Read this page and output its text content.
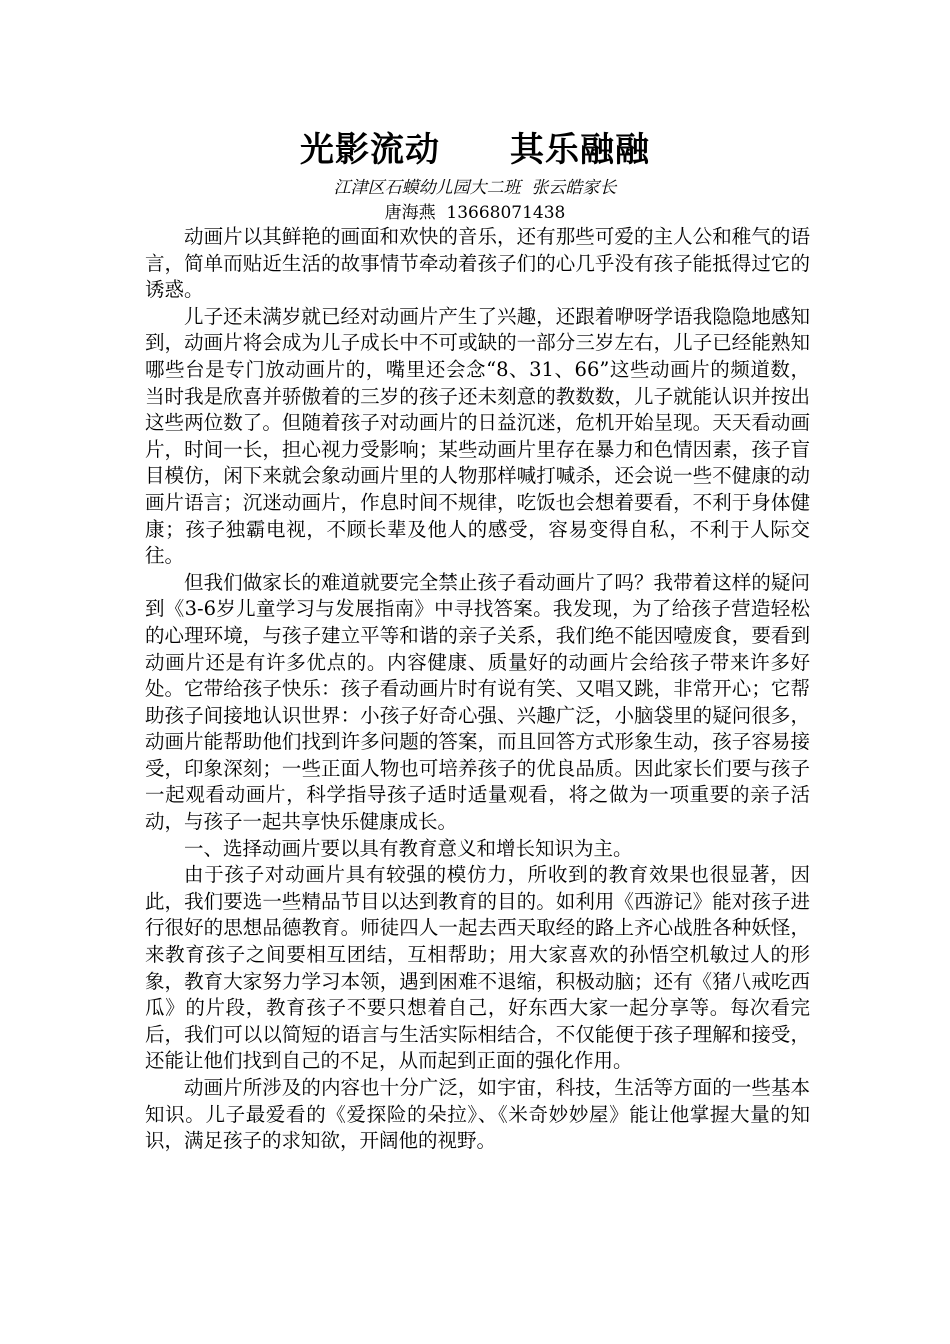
光影流动　　其乐融融
江津区石蟆幼儿园大二班  张云皓家长
唐海燕  13668071438

动画片以其鲜艳的画面和欢快的音乐，还有那些可爱的主人公和稚气的语言，简单而贴近生活的故事情节牵动着孩子们的心几乎没有孩子能抵得过它的诱惑。

儿子还未满岁就已经对动画片产生了兴趣，还跟着咿呀学语我隐隐地感知到，动画片将会成为儿子成长中不可或缺的一部分三岁左右，儿子已经能熟知哪些台是专门放动画片的，嘴里还会念“8、31、66”这些动画片的频道数，当时我是欣喜并骄傲着的三岁的孩子还未刻意的教数数，儿子就能认识并按出这些两位数了。但随着孩子对动画片的日益沉迷，危机开始呈现。天天看动画片，时间一长，担心视力受影响；某些动画片里存在暴力和色情因素，孩子盲目模仿，闲下来就会象动画片里的人物那样喊打喊杀，还会说一些不健康的动画片语言；沉迷动画片，作息时间不规律，吃饭也会想着要看，不利于身体健康；孩子独霸电视，不顾长辈及他人的感受，容易变得自私，不利于人际交往。

但我们做家长的难道就要完全禁止孩子看动画片了吗？我带着这样的疑问到《3-6岁儿童学习与发展指南》中寻找答案。我发现，为了给孩子营造轻松的心理环境，与孩子建立平等和谐的亲子关系，我们绝不能因噎废食，要看到动画片还是有许多优点的。内容健康、质量好的动画片会给孩子带来许多好处。它带给孩子快乐：孩子看动画片时有说有笑、又唱又跳，非常开心；它帮助孩子间接地认识世界：小孩子好奇心强、兴趣广泛，小脑袋里的疑问很多，动画片能帮助他们找到许多问题的答案，而且回答方式形象生动，孩子容易接受，印象深刻；一些正面人物也可培养孩子的优良品质。因此家长们要与孩子一起观看动画片，科学指导孩子适时适量观看，将之做为一项重要的亲子活动，与孩子一起共享快乐健康成长。

一、选择动画片要以具有教育意义和增长知识为主。

由于孩子对动画片具有较强的模仿力，所收到的教育效果也很显著，因此，我们要选一些精品节目以达到教育的目的。如利用《西游记》能对孩子进行很好的思想品德教育。师徒四人一起去西天取经的路上齐心战胜各种妖怪，来教育孩子之间要相互团结，互相帮助；用大家喜欢的孙悟空机敏过人的形象，教育大家努力学习本领，遇到困难不退缩，积极动脑；还有《猪八戒吃西瓜》的片段，教育孩子不要只想着自己，好东西大家一起分享等。每次看完后，我们可以以简短的语言与生活实际相结合，不仅能便于孩子理解和接受，还能让他们找到自己的不足，从而起到正面的强化作用。

动画片所涉及的内容也十分广泛，如宇宙，科技，生活等方面的一些基本知识。儿子最爱看的《爱探险的朵拉》、《米奇妙妙屋》能让他掌握大量的知识，满足孩子的求知欲，开阔他的视野。
